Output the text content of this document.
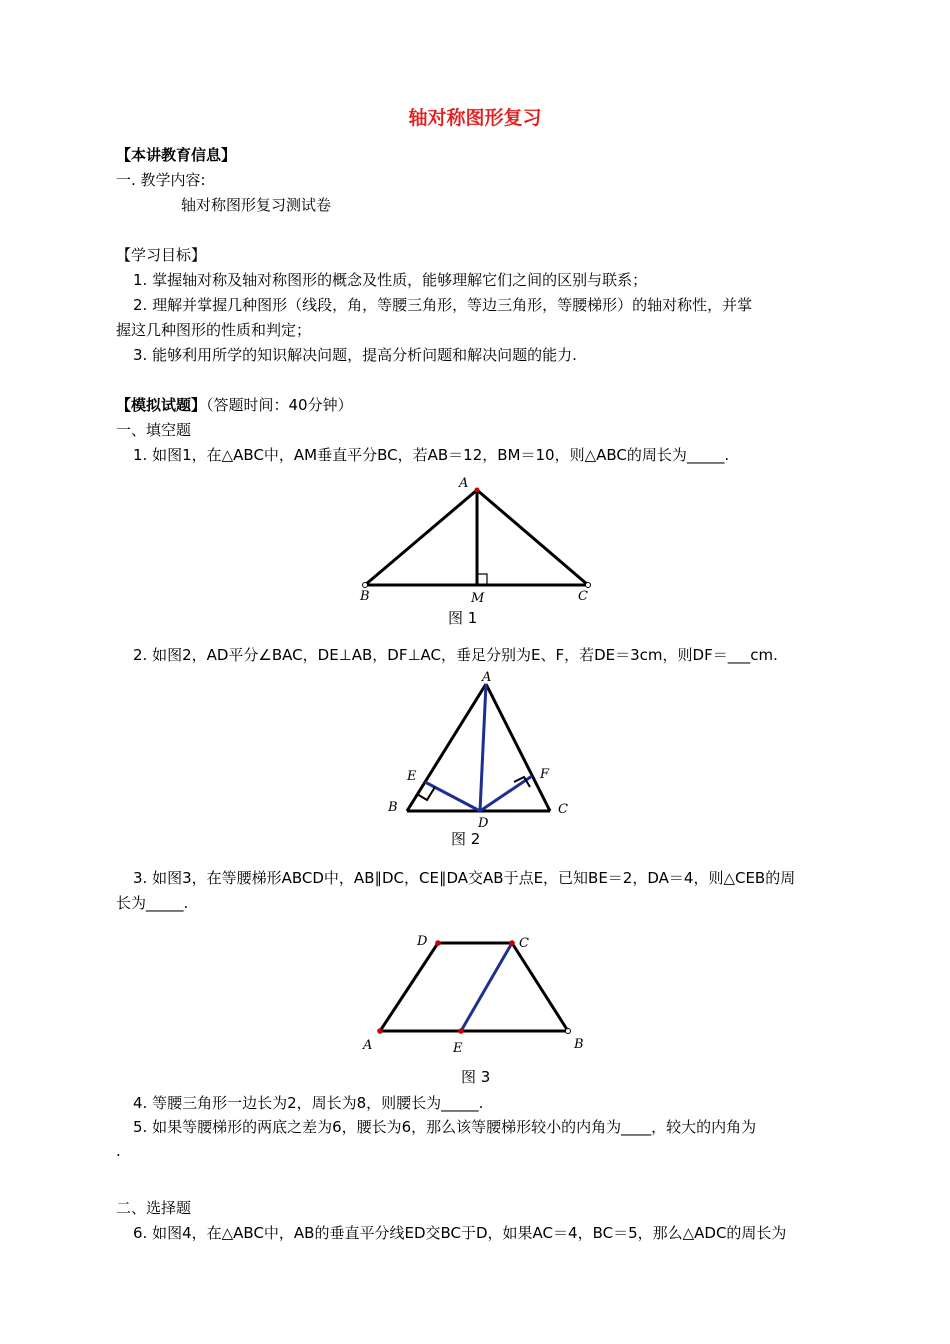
轴对称图形复习
【本讲教育信息】
一. 教学内容:
轴对称图形复习测试卷
【学习目标】
1. 掌握轴对称及轴对称图形的概念及性质，能够理解它们之间的区别与联系；
2. 理解并掌握几种图形（线段，角，等腰三角形，等边三角形，等腰梯形）的轴对称性，并掌
握这几种图形的性质和判定；
3. 能够利用所学的知识解决问题，提高分析问题和解决问题的能力.
【模拟试题】（答题时间：40分钟）
一、填空题
1. 如图1，在△ABC中，AM垂直平分BC，若AB＝12，BM＝10，则△ABC的周长为_____.
A
B	M	C
图 1
2. 如图2，AD平分∠BAC，DE⊥AB，DF⊥AC，垂足分别为E、F，若DE＝3cm，则DF＝___cm.
A
E	F
B
D
C
图 2
3. 如图3，在等腰梯形ABCD中，AB∥DC，CE∥DA交AB于点E，已知BE＝2，DA＝4，则△CEB的周
长为_____.
D	C
A	E	B
图 3
4. 等腰三角形一边长为2，周长为8，则腰长为_____.
5. 如果等腰梯形的两底之差为6，腰长为6，那么该等腰梯形较小的内角为____，较大的内角为
.
二、选择题
6. 如图4，在△ABC中，AB的垂直平分线ED交BC于D，如果AC＝4，BC＝5，那么△ADC的周长为
